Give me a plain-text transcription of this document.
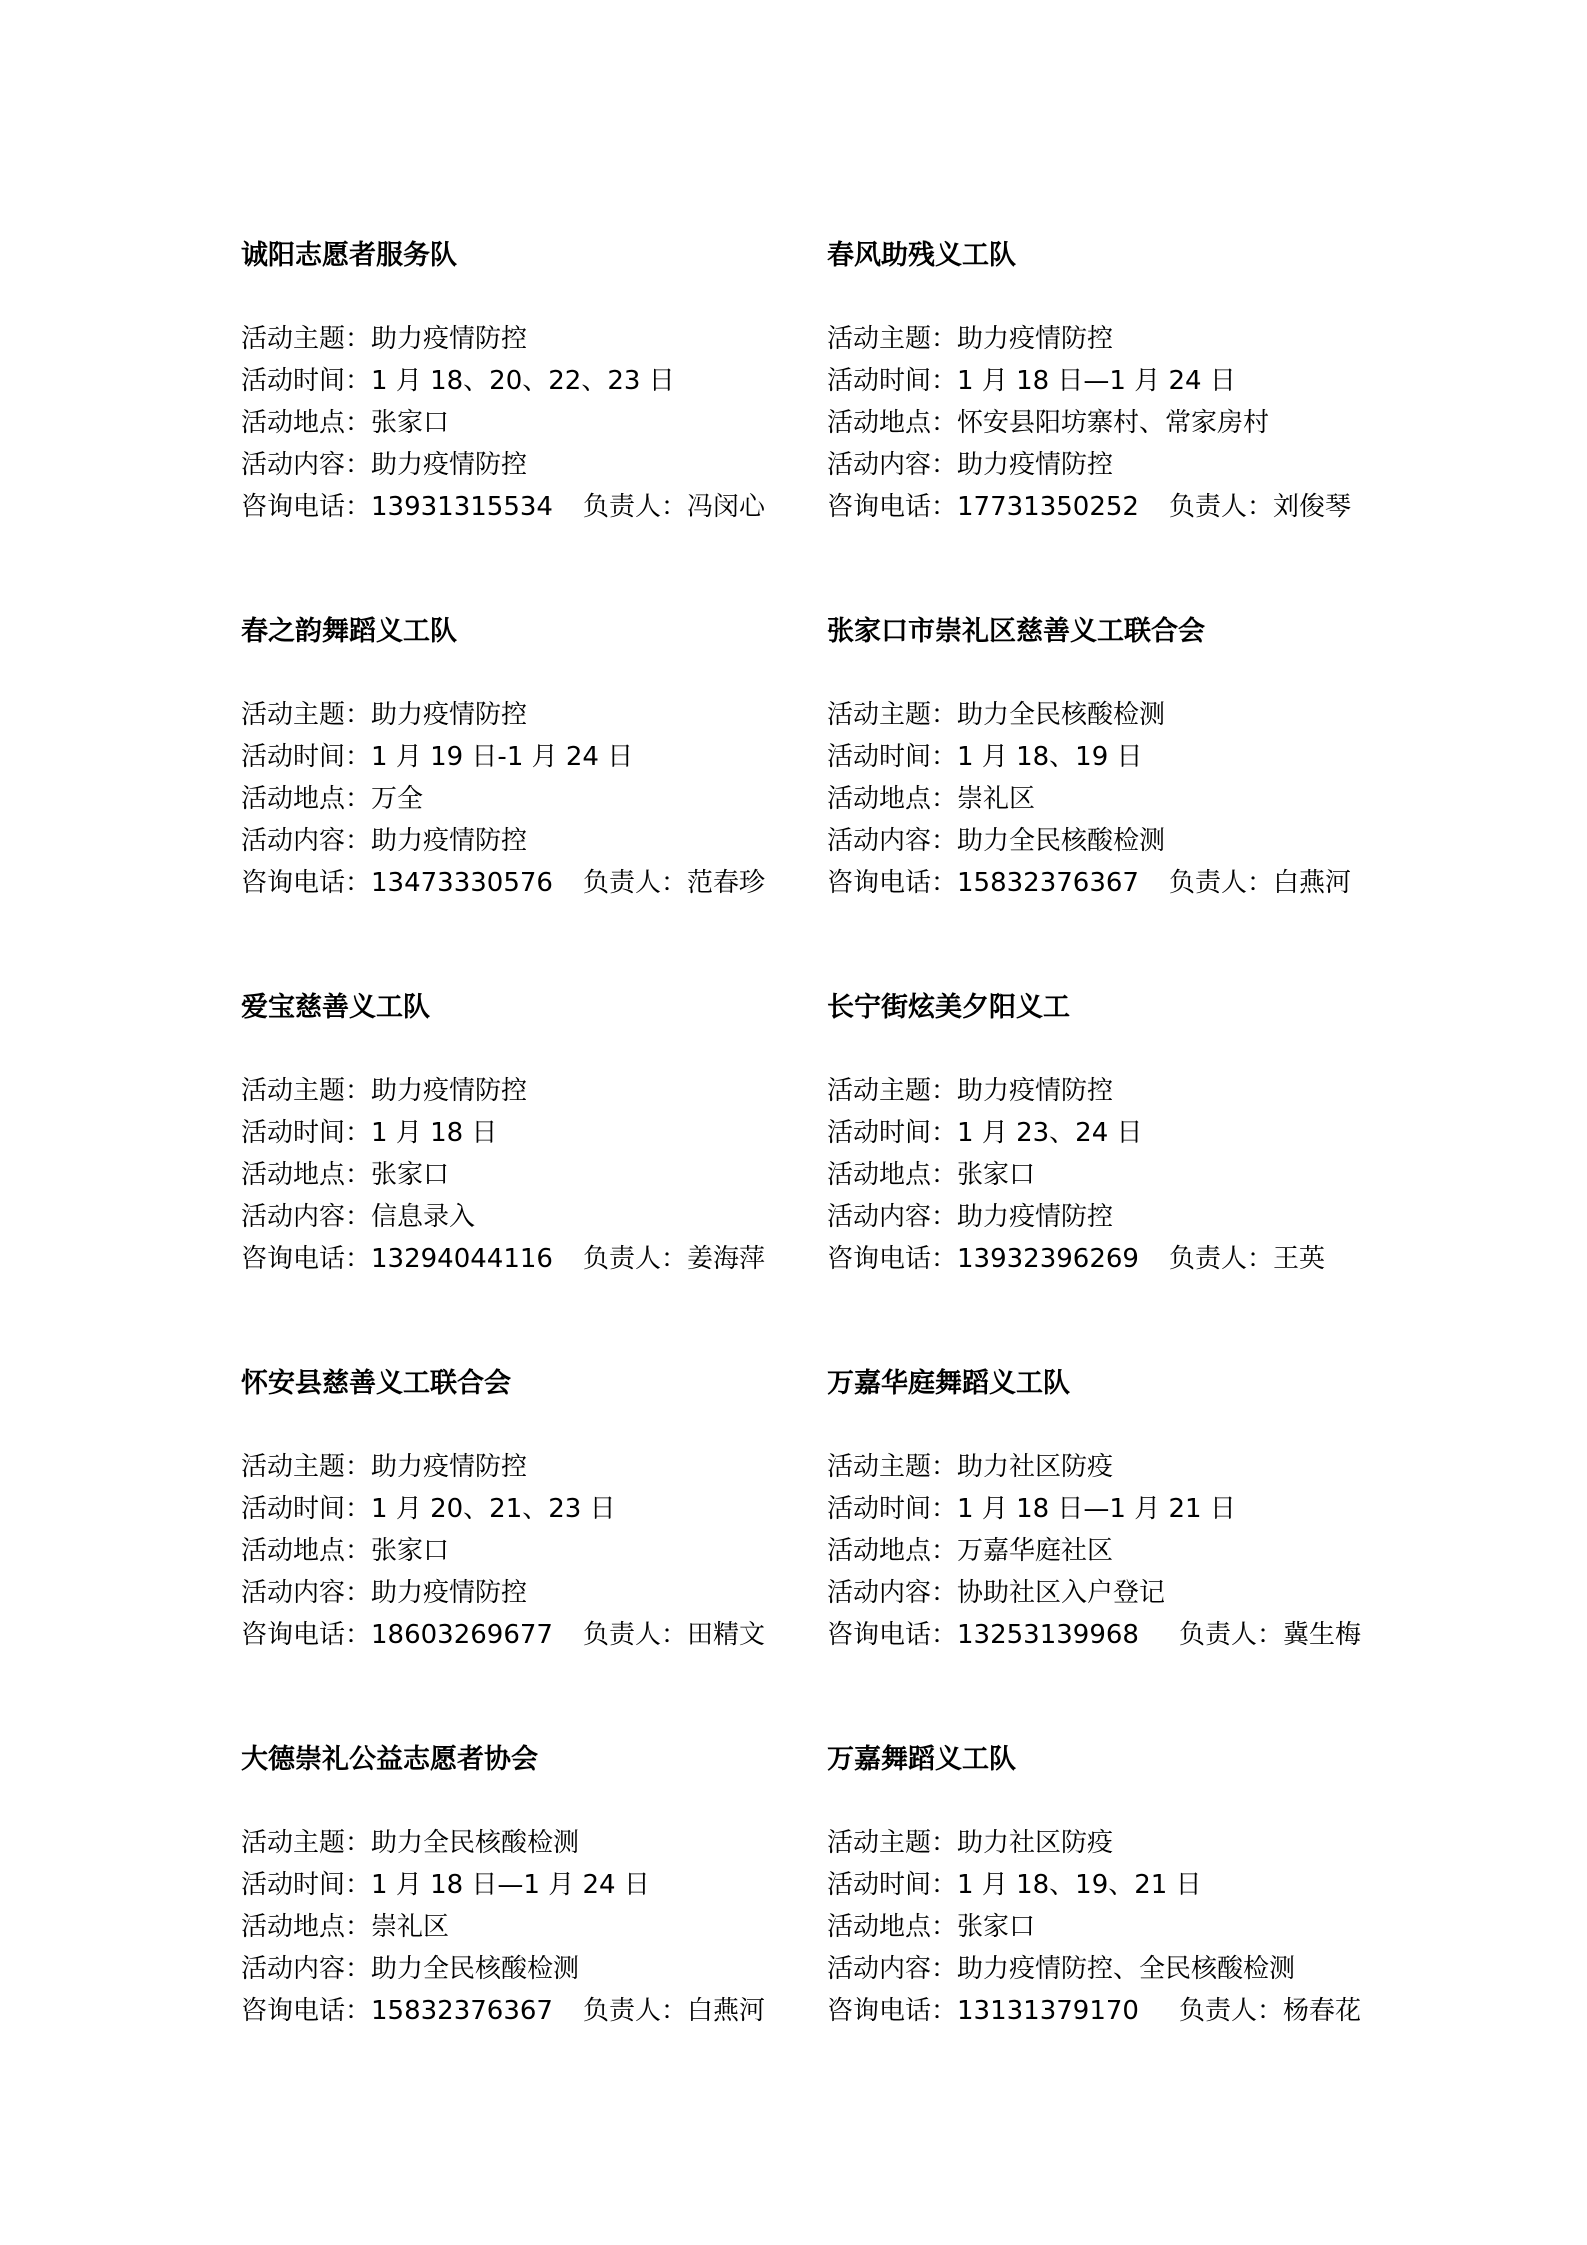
诚阳志愿者服务队
活动主题：助力疫情防控
活动时间：1 月 18、20、22、23 日
活动地点：张家口
活动内容：助力疫情防控
咨询电话：13931315534 负责人：冯闵心
春风助残义工队
活动主题：助力疫情防控
活动时间：1 月 18 日—1 月 24 日
活动地点：怀安县阳坊寨村、常家房村
活动内容：助力疫情防控
咨询电话：17731350252 负责人：刘俊琴
春之韵舞蹈义工队
活动主题：助力疫情防控
活动时间：1 月 19 日-1 月 24 日
活动地点：万全
活动内容：助力疫情防控
咨询电话：13473330576 负责人：范春珍
张家口市崇礼区慈善义工联合会
活动主题：助力全民核酸检测
活动时间：1 月 18、19 日
活动地点：崇礼区
活动内容：助力全民核酸检测
咨询电话：15832376367 负责人：白燕河
爱宝慈善义工队
活动主题：助力疫情防控
活动时间：1 月 18 日
活动地点：张家口
活动内容：信息录入
咨询电话：13294044116 负责人：姜海萍
长宁街炫美夕阳义工
活动主题：助力疫情防控
活动时间：1 月 23、24 日
活动地点：张家口
活动内容：助力疫情防控
咨询电话：13932396269 负责人：王英
怀安县慈善义工联合会
活动主题：助力疫情防控
活动时间：1 月 20、21、23 日
活动地点：张家口
活动内容：助力疫情防控
咨询电话：18603269677 负责人：田精文
万嘉华庭舞蹈义工队
活动主题：助力社区防疫
活动时间：1 月 18 日—1 月 21 日
活动地点：万嘉华庭社区
活动内容：协助社区入户登记
咨询电话：13253139968 负责人：冀生梅
大德崇礼公益志愿者协会
活动主题：助力全民核酸检测
活动时间：1 月 18 日—1 月 24 日
活动地点：崇礼区
活动内容：助力全民核酸检测
咨询电话：15832376367 负责人：白燕河
万嘉舞蹈义工队
活动主题：助力社区防疫
活动时间：1 月 18、19、21 日
活动地点：张家口
活动内容：助力疫情防控、全民核酸检测
咨询电话：13131379170 负责人：杨春花
